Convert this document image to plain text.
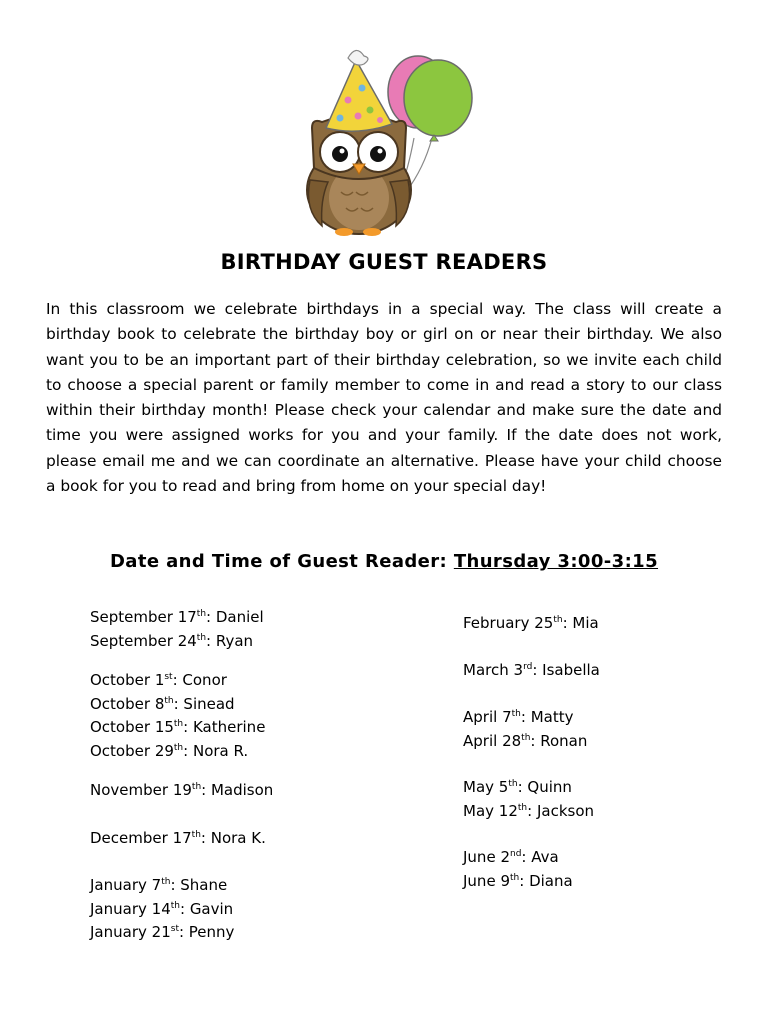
BIRTHDAY GUEST READERS
In this classroom we celebrate birthdays in a special way. The class will create a birthday book to celebrate the birthday boy or girl on or near their birthday. We also want you to be an important part of their birthday celebration, so we invite each child to choose a special parent or family member to come in and read a story to our class within their birthday month! Please check your calendar and make sure the date and time you were assigned works for you and your family. If the date does not work, please email me and we can coordinate an alternative. Please have your child choose a book for you to read and bring from home on your special day!
Date and Time of Guest Reader: Thursday 3:00-3:15
September 17th: Daniel
September 24th: Ryan
October 1st: Conor
October 8th: Sinead
October 15th: Katherine
October 29th: Nora R.
November 19th: Madison
December 17th: Nora K.
January 7th: Shane
January 14th: Gavin
January 21st: Penny
February 25th: Mia
March 3rd: Isabella
April 7th: Matty
April 28th: Ronan
May 5th: Quinn
May 12th: Jackson
June 2nd: Ava
June 9th: Diana
